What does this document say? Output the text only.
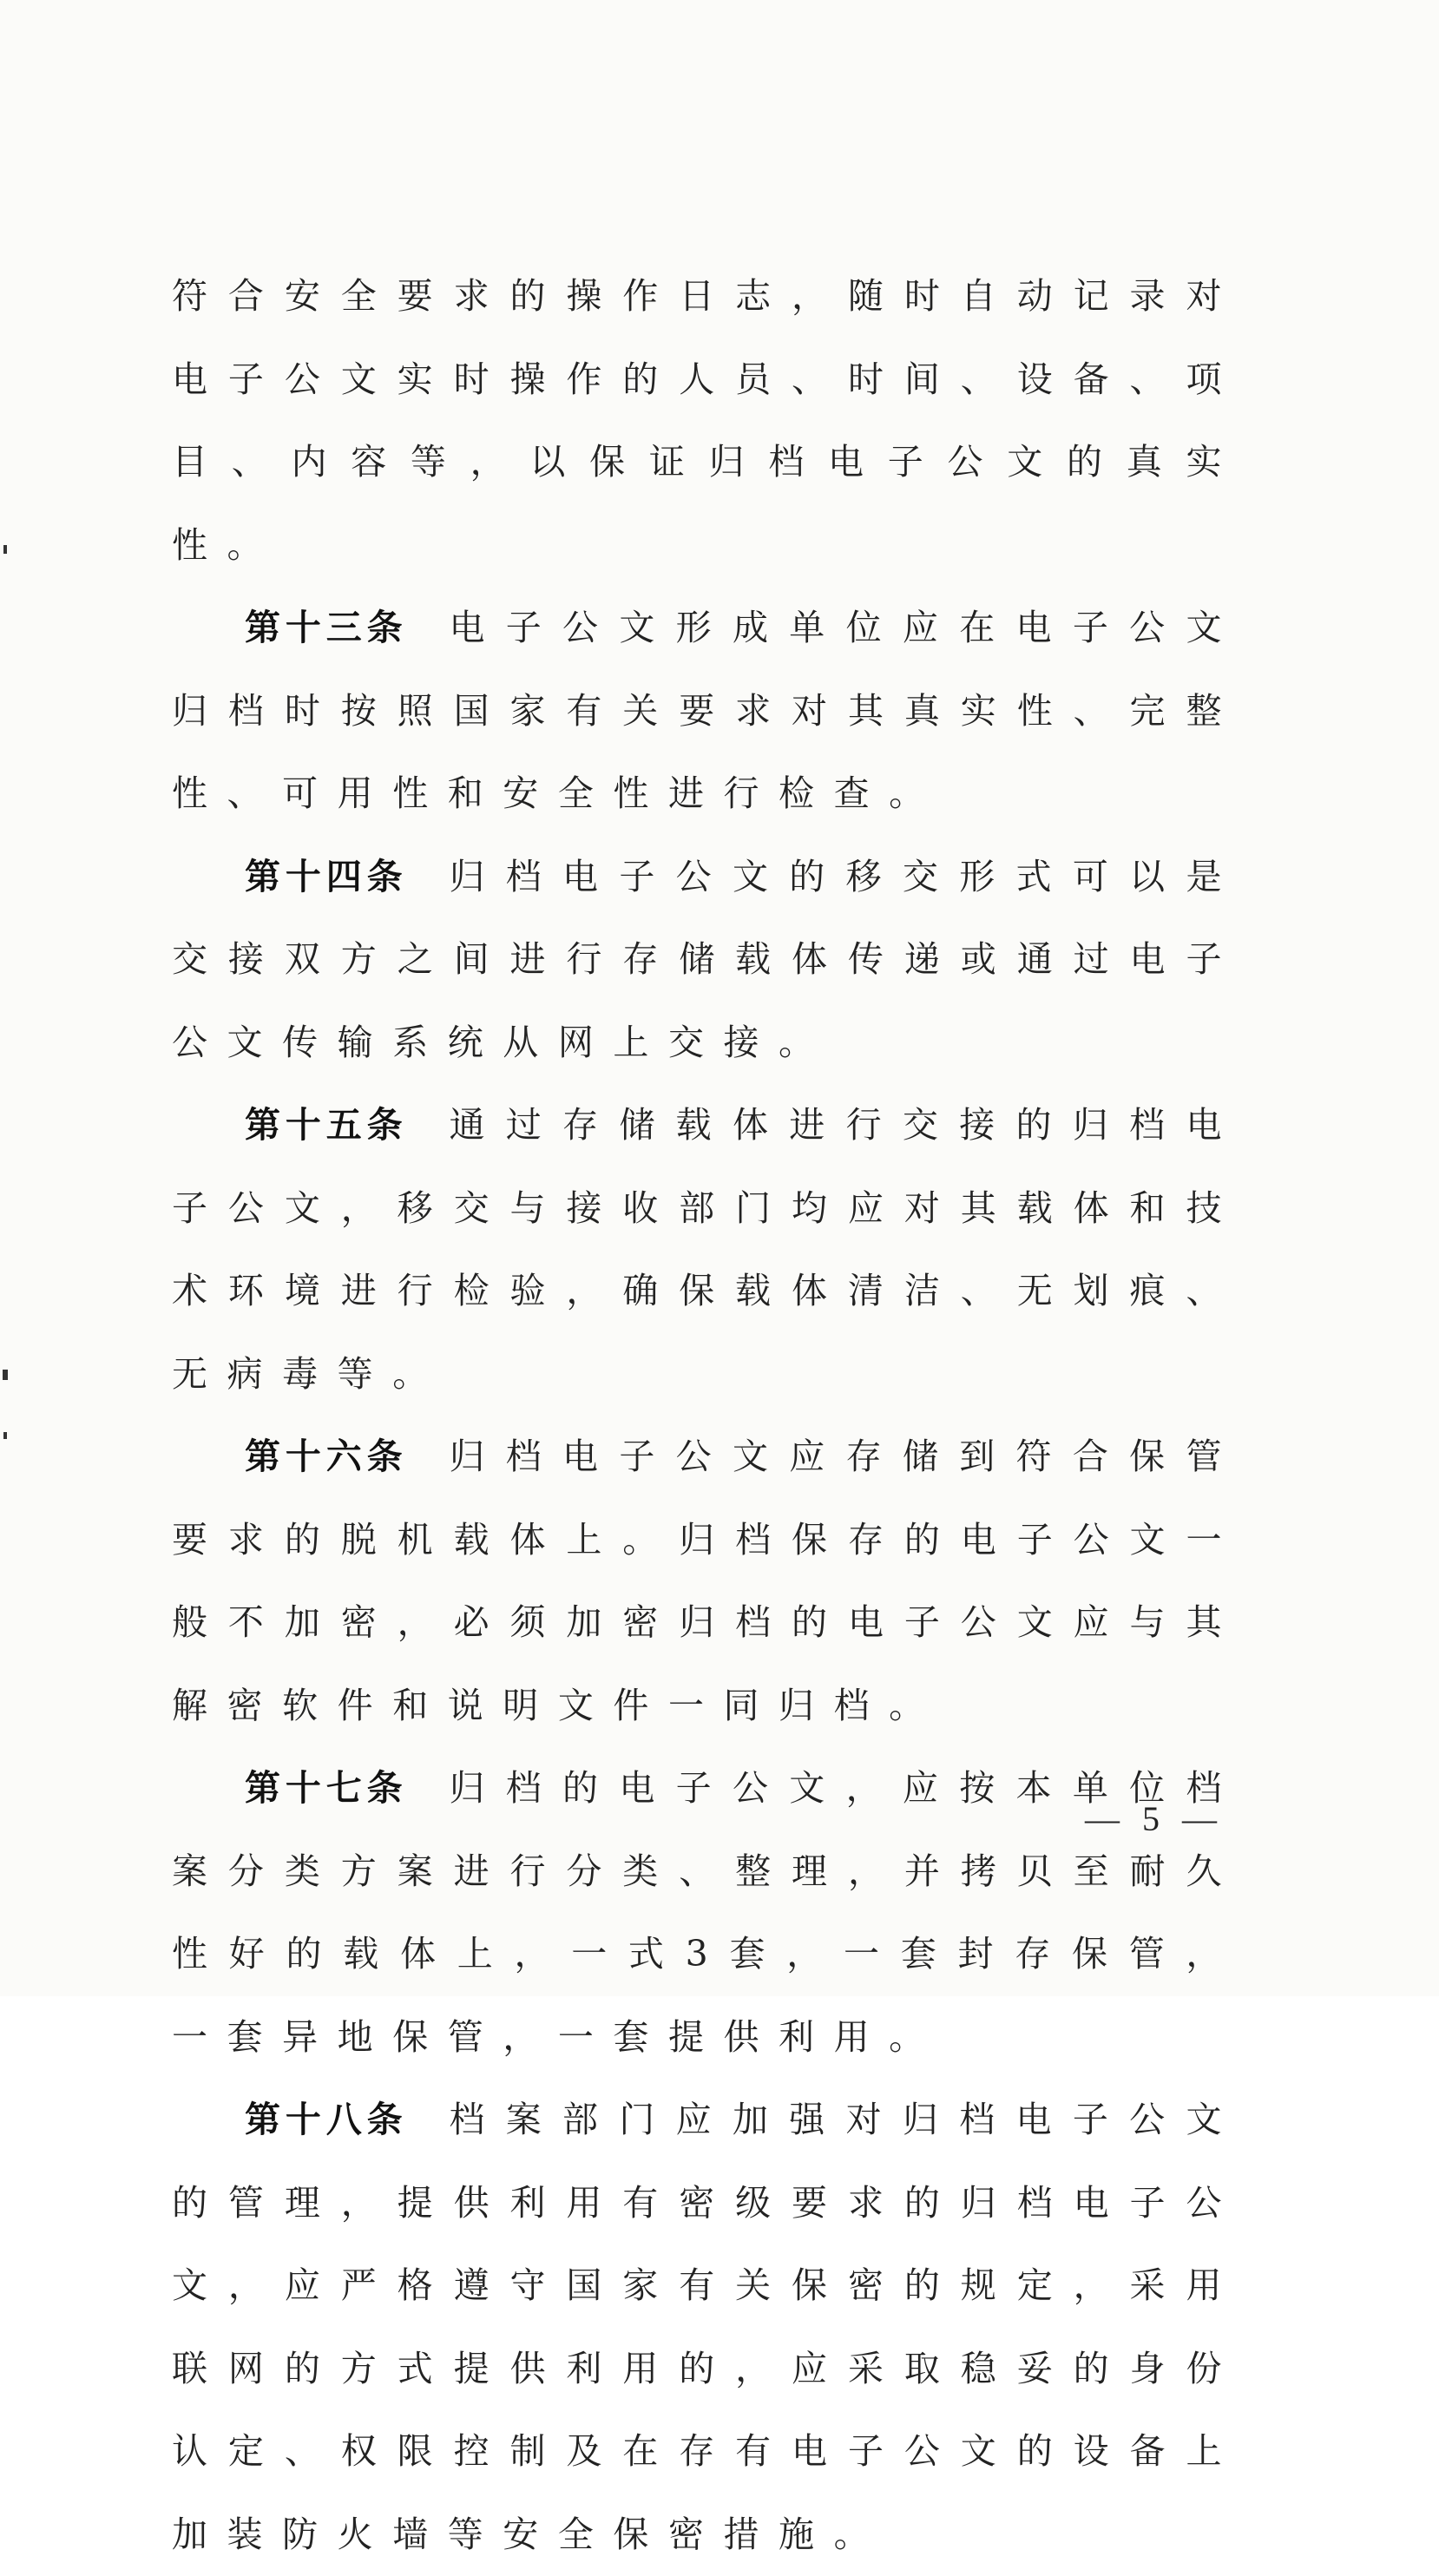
符合安全要求的操作日志，随时自动记录对电子公文实时操作的人员、时间、设备、项目、内容等，以保证归档电子公文的真实性。

第十三条 电子公文形成单位应在电子公文归档时按照国家有关要求对其真实性、完整性、可用性和安全性进行检查。

第十四条 归档电子公文的移交形式可以是交接双方之间进行存储载体传递或通过电子公文传输系统从网上交接。

第十五条 通过存储载体进行交接的归档电子公文，移交与接收部门均应对其载体和技术环境进行检验，确保载体清洁、无划痕、无病毒等。

第十六条 归档电子公文应存储到符合保管要求的脱机载体上。归档保存的电子公文一般不加密，必须加密归档的电子公文应与其解密软件和说明文件一同归档。

第十七条 归档的电子公文，应按本单位档案分类方案进行分类、整理，并拷贝至耐久性好的载体上，一式3套，一套封存保管，一套异地保管，一套提供利用。

第十八条 档案部门应加强对归档电子公文的管理，提供利用有密级要求的归档电子公文，应严格遵守国家有关保密的规定，采用联网的方式提供利用的，应采取稳妥的身份认定、权限控制及在存有电子公文的设备上加装防火墙等安全保密措施。

— 5 —
